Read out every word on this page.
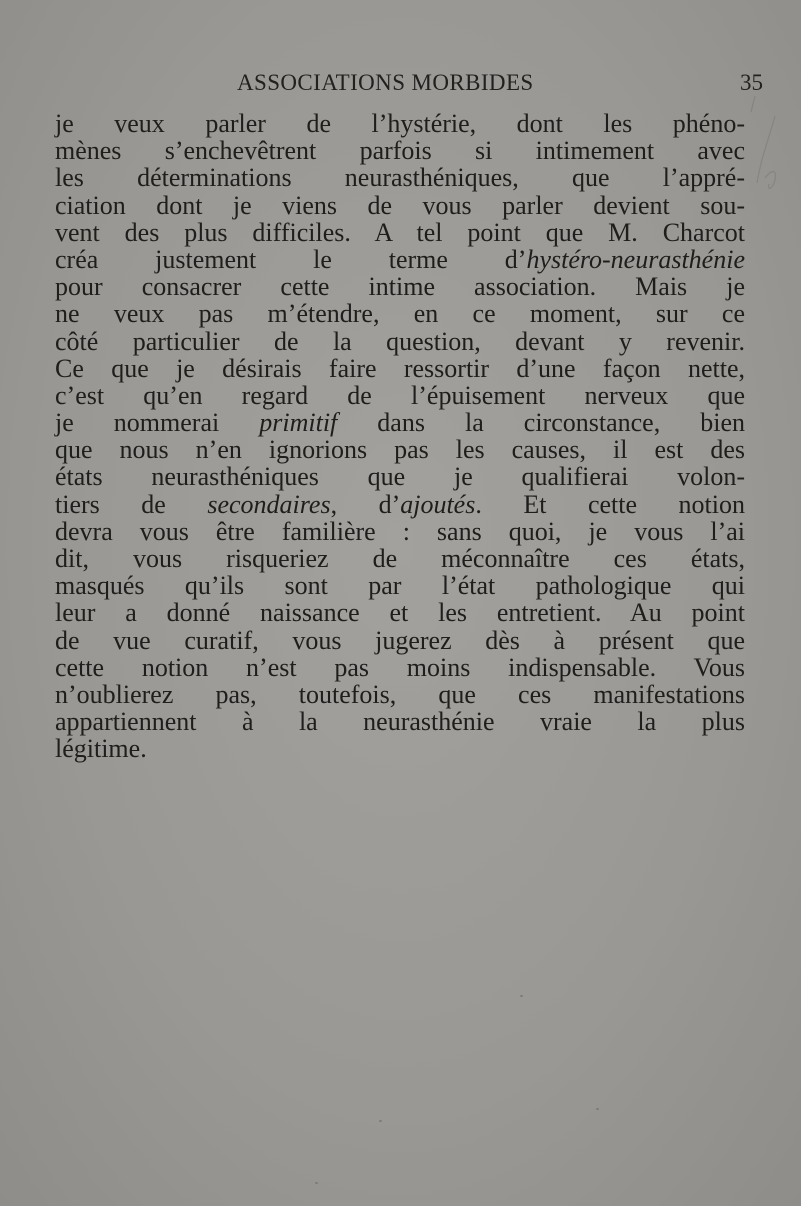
ASSOCIATIONS MORBIDES	35
je veux parler de l’hystérie, dont les phéno-
mènes s’enchevêtrent parfois si intimement avec
les déterminations neurasthéniques, que l’appré-
ciation dont je viens de vous parler devient sou-
vent des plus difficiles. A tel point que M. Charcot
créa justement le terme d’hystéro-neurasthénie
pour consacrer cette intime association. Mais je
ne veux pas m’étendre, en ce moment, sur ce
côté particulier de la question, devant y revenir.
Ce que je désirais faire ressortir d’une façon nette,
c’est qu’en regard de l’épuisement nerveux que
je nommerai primitif dans la circonstance, bien
que nous n’en ignorions pas les causes, il est des
états neurasthéniques que je qualifierai volon-
tiers de secondaires, d’ajoutés. Et cette notion
devra vous être familière : sans quoi, je vous l’ai
dit, vous risqueriez de méconnaître ces états,
masqués qu’ils sont par l’état pathologique qui
leur a donné naissance et les entretient. Au point
de vue curatif, vous jugerez dès à présent que
cette notion n’est pas moins indispensable. Vous
n’oublierez pas, toutefois, que ces manifestations
appartiennent à la neurasthénie vraie la plus
légitime.
